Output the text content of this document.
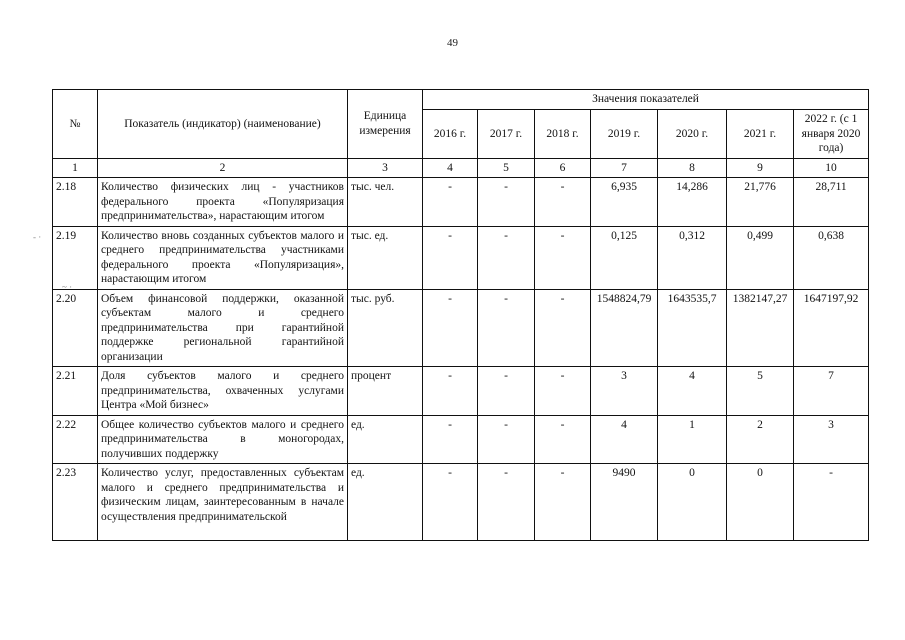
49
- ·
~ ·
№	Показатель (индикатор) (наименование)	Единица измерения	Значения показателей						
			2016 г.	2017 г.	2018 г.	2019 г.	2020 г.	2021 г.	2022 г. (с 1 января 2020 года)
1	2	3	4	5	6	7	8	9	10
2.18	Количество физических лиц - участников федерального проекта «Популяризация предпринимательства», нарастающим итогом	тыс. чел.	-	-	-	6,935	14,286	21,776	28,711
2.19	Количество вновь созданных субъектов малого и среднего предпринимательства участниками федерального проекта «Популяризация», нарастающим итогом	тыс. ед.	-	-	-	0,125	0,312	0,499	0,638
2.20	Объем финансовой поддержки, оказанной субъектам малого и среднего предпринимательства при гарантийной поддержке региональной гарантийной организации	тыс. руб.	-	-	-	1548824,79	1643535,7	1382147,27	1647197,92
2.21	Доля субъектов малого и среднего предпринимательства, охваченных услугами Центра «Мой бизнес»	процент	-	-	-	3	4	5	7
2.22	Общее количество субъектов малого и среднего предпринимательства в моногородах, получивших поддержку	ед.	-	-	-	4	1	2	3
2.23	Количество услуг, предоставленных субъектам малого и среднего предпринимательства и физическим лицам, заинтересованным в начале осуществления предпринимательской	ед.	-	-	-	9490	0	0	-
